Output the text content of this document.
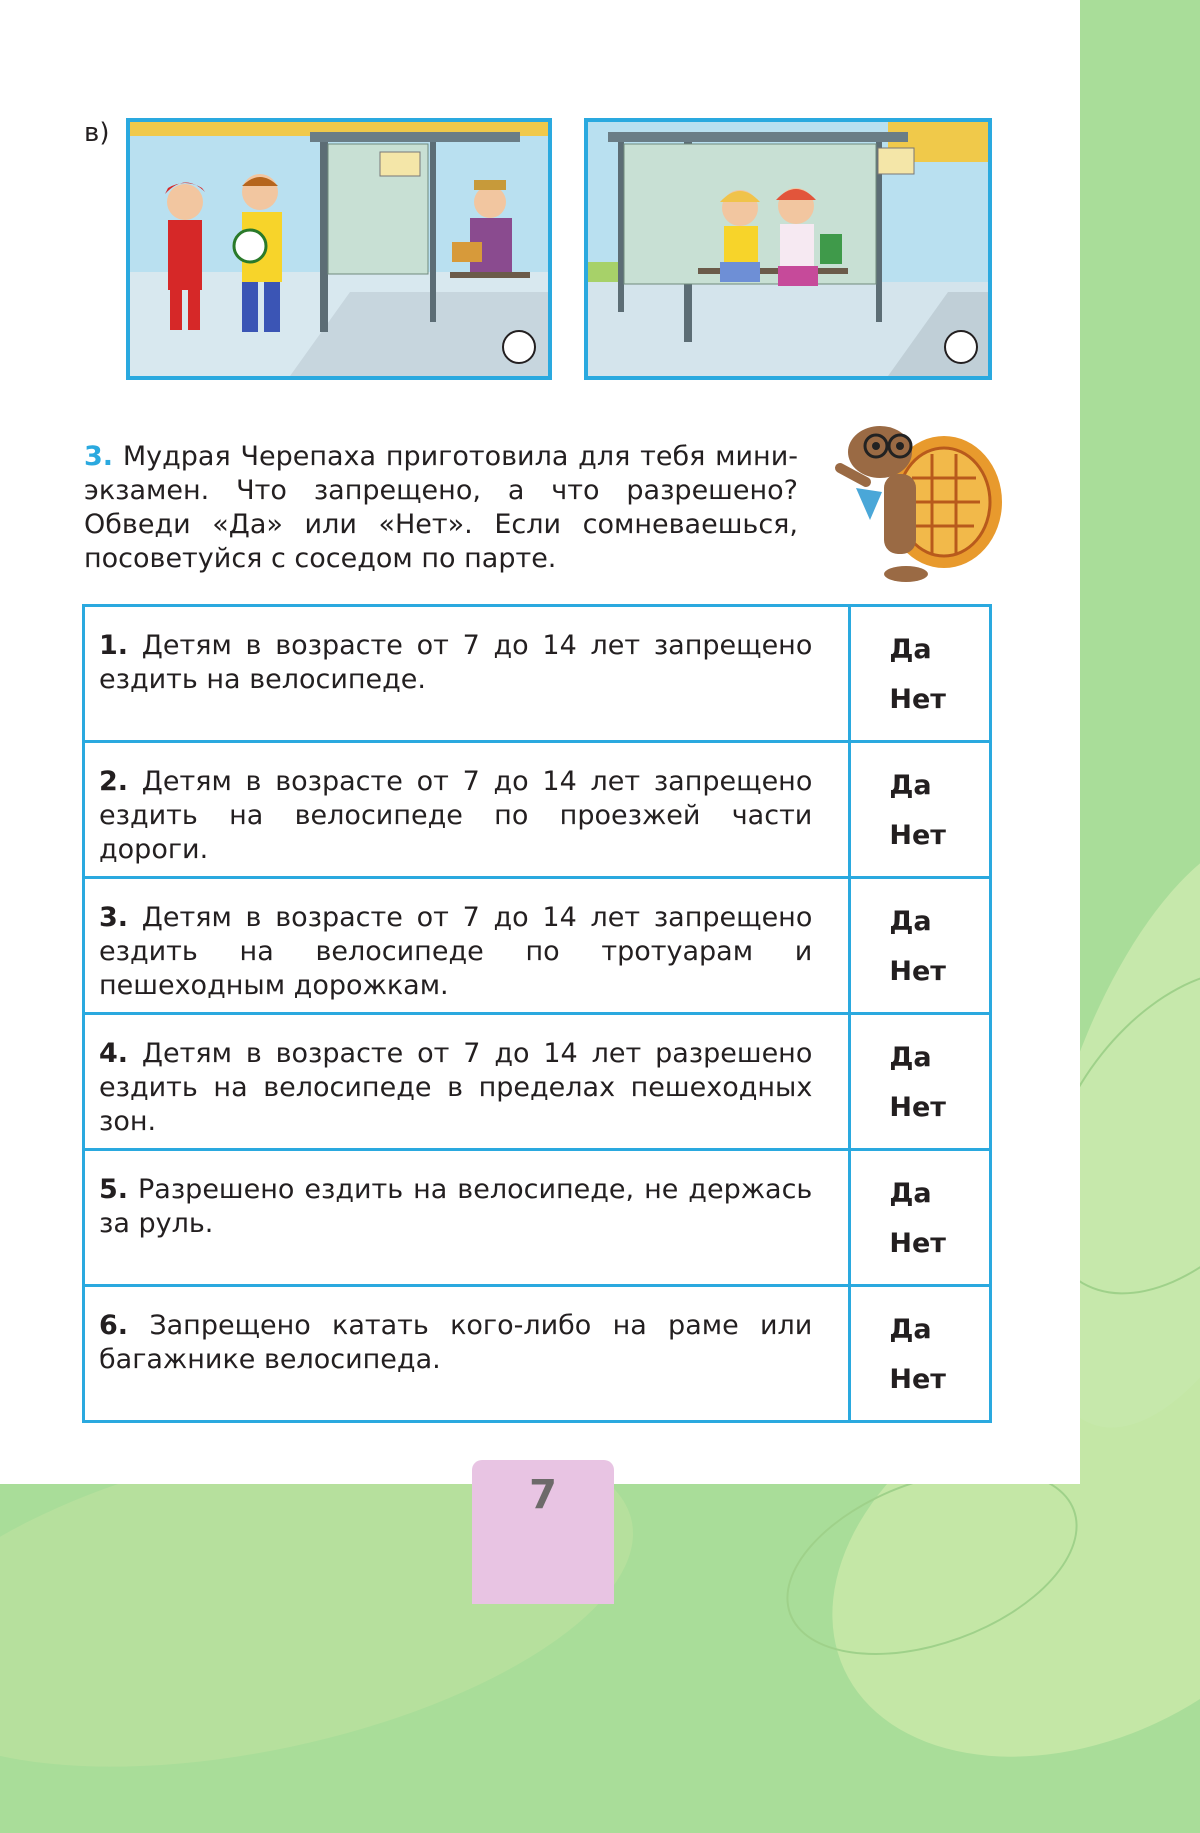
в)
3. Мудрая Черепаха приготовила для тебя мини-экзамен. Что запрещено, а что разрешено? Обведи «Да» или «Нет». Если сомневаешься, посоветуйся с соседом по парте.
1. Детям в возрасте от 7 до 14 лет запрещено ездить на велосипеде.	Да
Нет

2. Детям в возрасте от 7 до 14 лет запрещено ездить на велосипеде по проезжей части дороги.	Да
Нет

3. Детям в возрасте от 7 до 14 лет запрещено ездить на велосипеде по тротуарам и пешеходным дорожкам.	Да
Нет

4. Детям в возрасте от 7 до 14 лет разрешено ездить на велосипеде в пределах пешеходных зон.	Да
Нет

5. Разрешено ездить на велосипеде, не держась за руль.	Да
Нет

6. Запрещено катать кого-либо на раме или багажнике велосипеда.	Да
Нет
7
